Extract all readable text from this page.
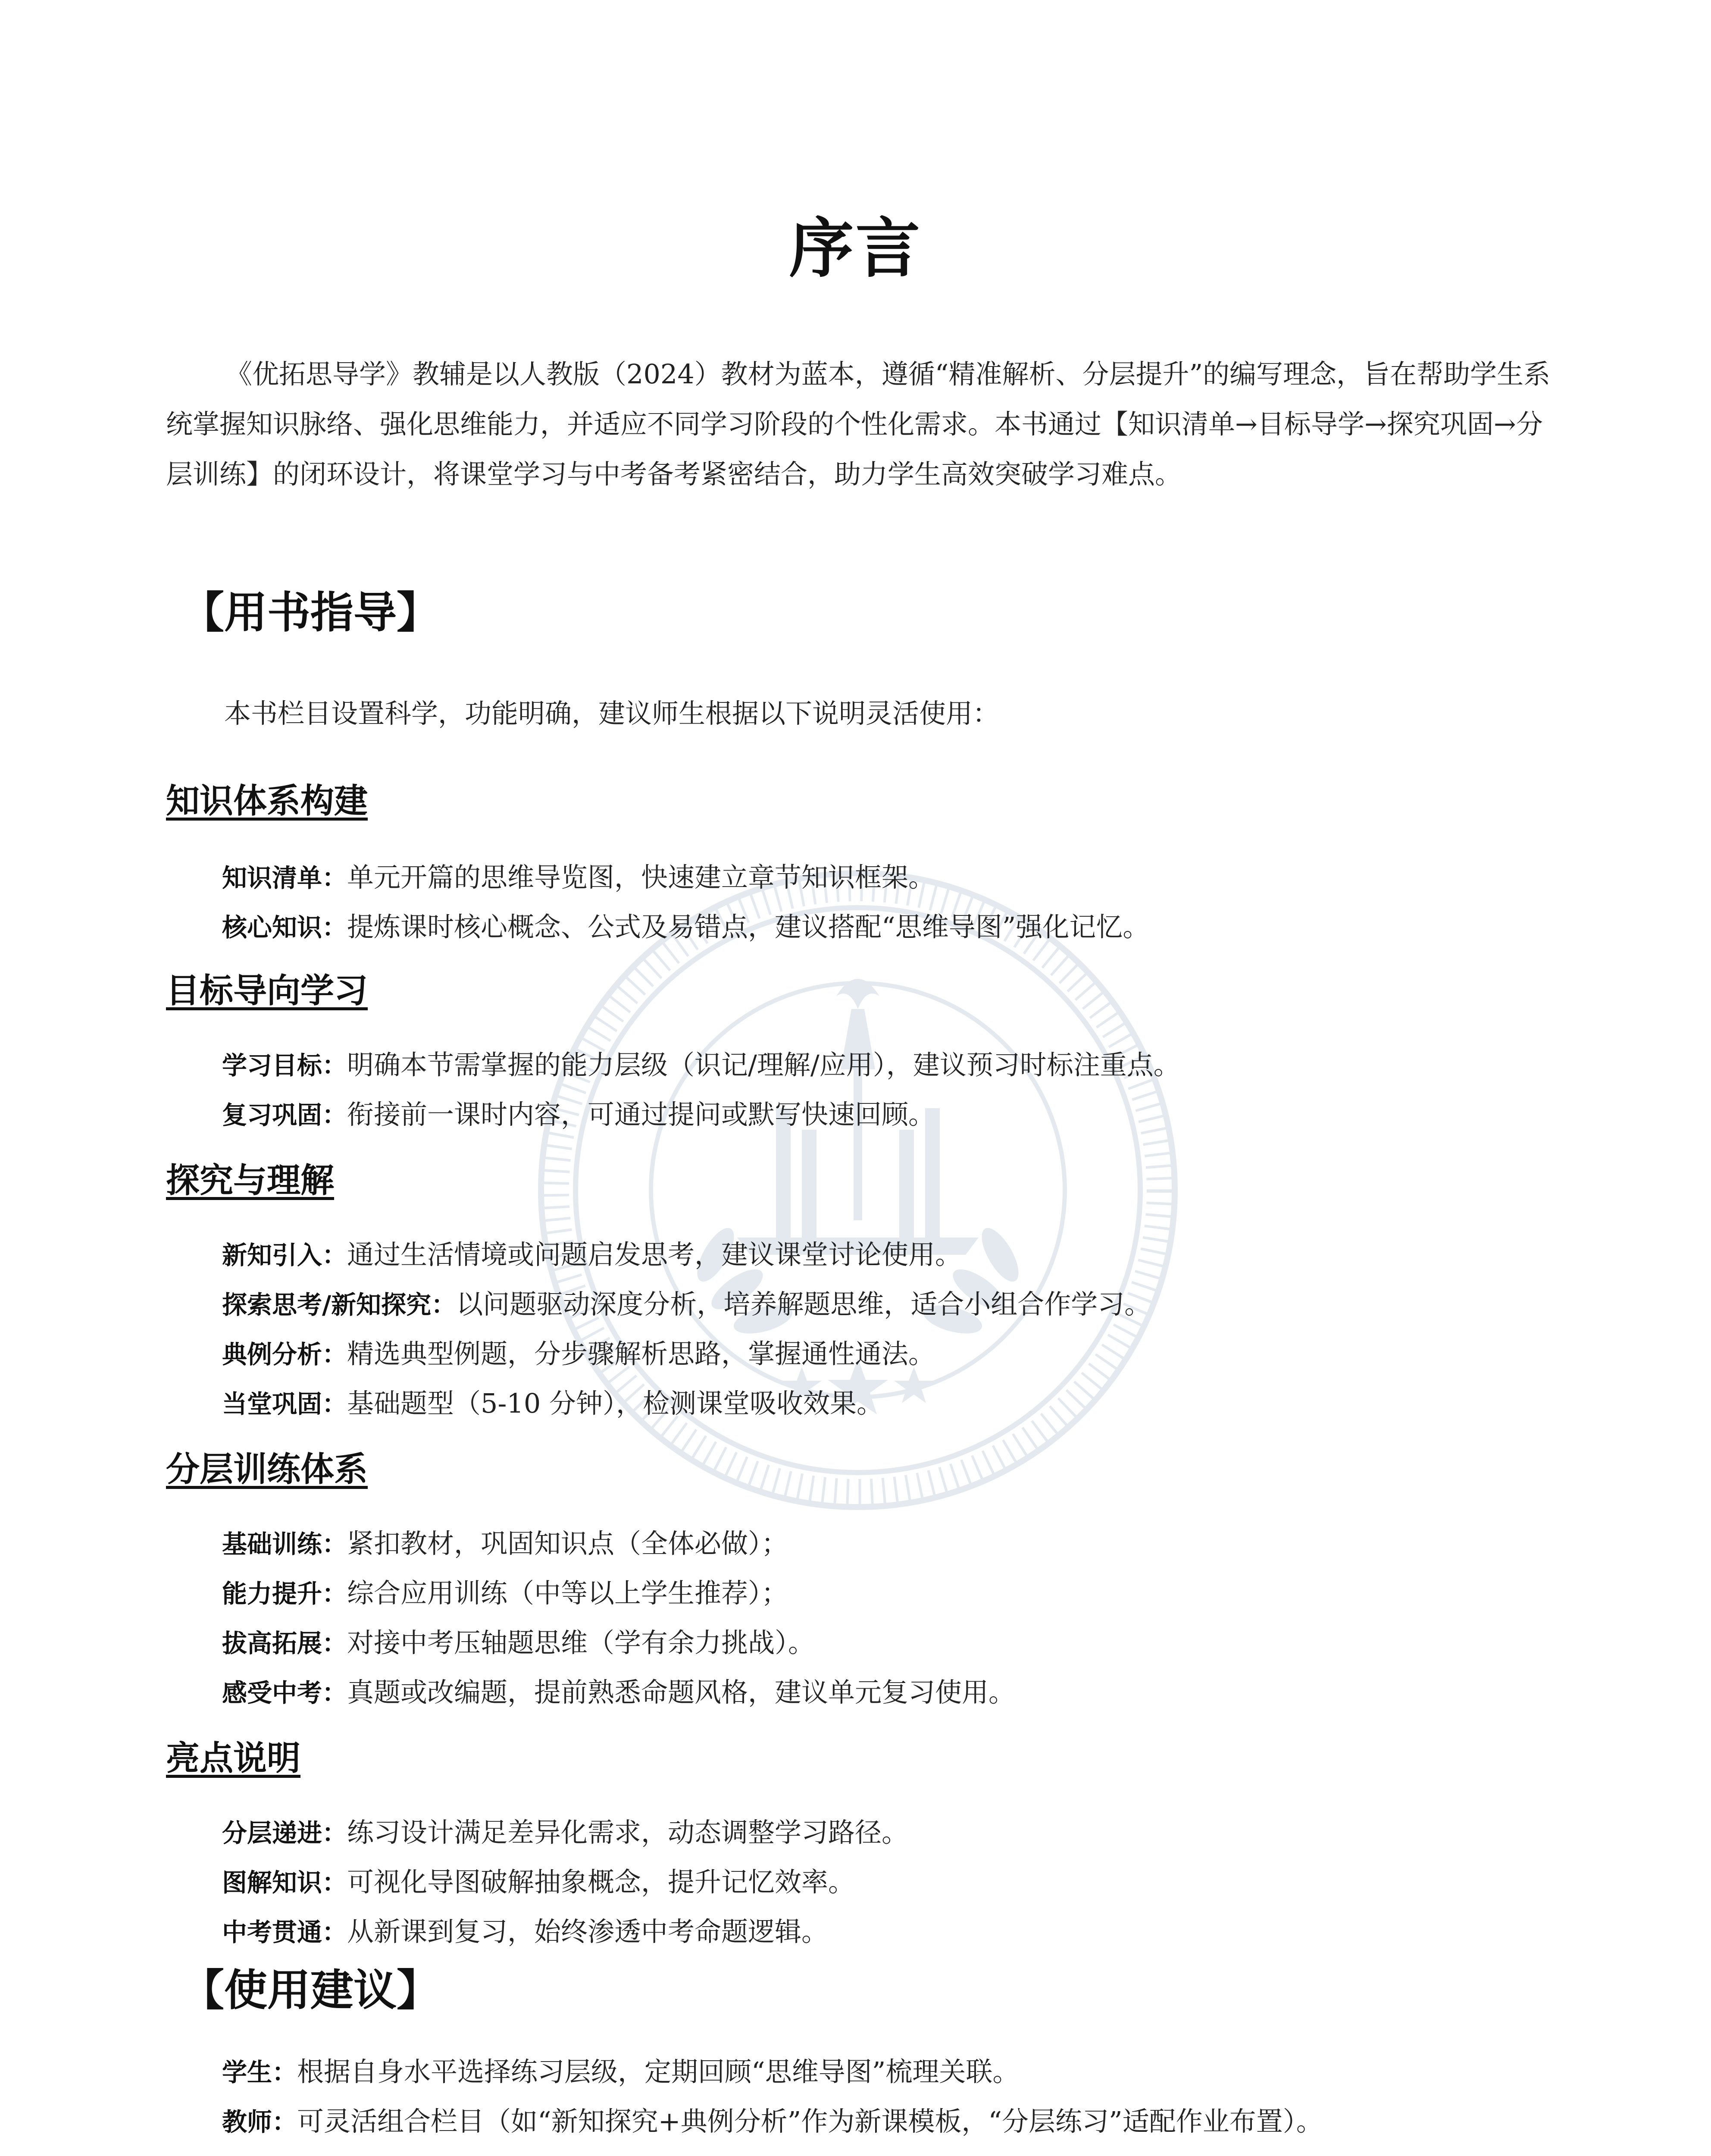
序言
《优拓思导学》教辅是以人教版（2024）教材为蓝本，遵循“精准解析、分层提升”的编写理念，旨在帮助学生系统掌握知识脉络、强化思维能力，并适应不同学习阶段的个性化需求。本书通过【知识清单→目标导学→探究巩固→分层训练】的闭环设计，将课堂学习与中考备考紧密结合，助力学生高效突破学习难点。
【用书指导】
本书栏目设置科学，功能明确，建议师生根据以下说明灵活使用：
知识体系构建
知识清单：单元开篇的思维导览图，快速建立章节知识框架。
核心知识：提炼课时核心概念、公式及易错点，建议搭配“思维导图”强化记忆。
目标导向学习
学习目标：明确本节需掌握的能力层级（识记/理解/应用），建议预习时标注重点。
复习巩固：衔接前一课时内容，可通过提问或默写快速回顾。
探究与理解
新知引入：通过生活情境或问题启发思考，建议课堂讨论使用。
探索思考/新知探究：以问题驱动深度分析，培养解题思维，适合小组合作学习。
典例分析：精选典型例题，分步骤解析思路，掌握通性通法。
当堂巩固：基础题型（5-10 分钟），检测课堂吸收效果。
分层训练体系
基础训练：紧扣教材，巩固知识点（全体必做）；
能力提升：综合应用训练（中等以上学生推荐）；
拔高拓展：对接中考压轴题思维（学有余力挑战）。
感受中考：真题或改编题，提前熟悉命题风格，建议单元复习使用。
亮点说明
分层递进：练习设计满足差异化需求，动态调整学习路径。
图解知识：可视化导图破解抽象概念，提升记忆效率。
中考贯通：从新课到复习，始终渗透中考命题逻辑。
【使用建议】
学生：根据自身水平选择练习层级，定期回顾“思维导图”梳理关联。
教师：可灵活组合栏目（如“新知探究+典例分析”作为新课模板，“分层练习”适配作业布置）。
